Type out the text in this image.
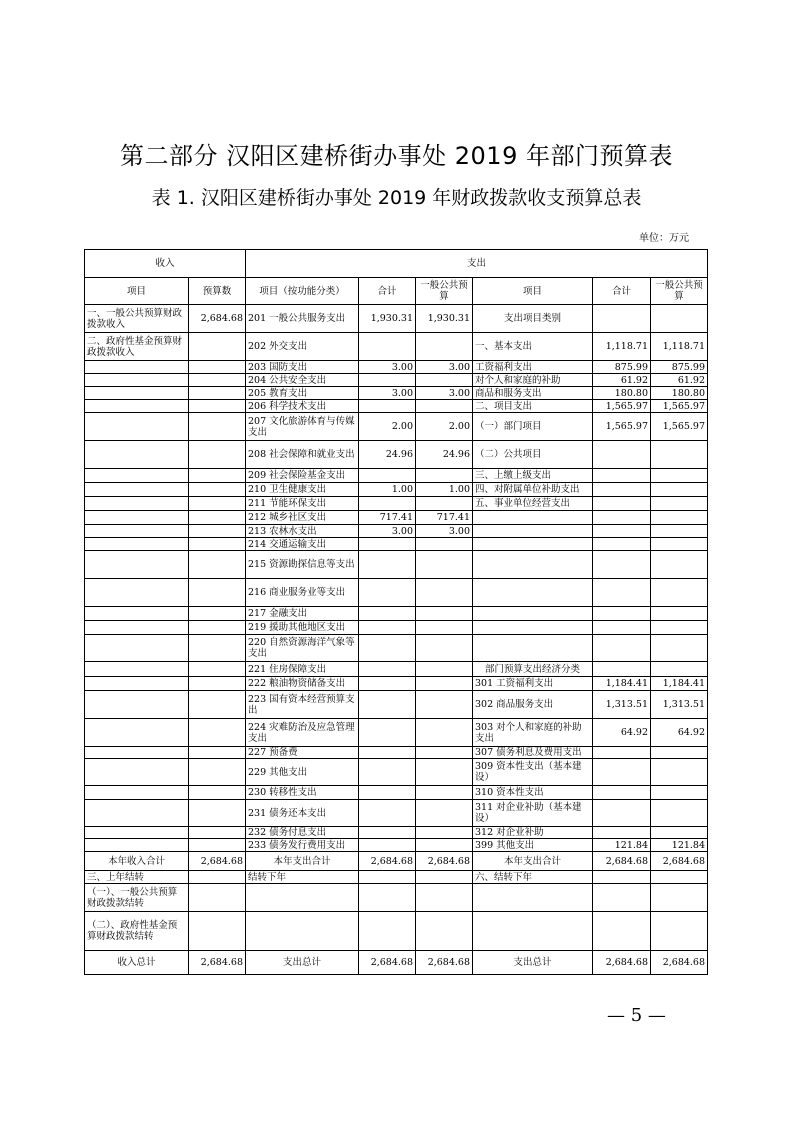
第二部分 汉阳区建桥街办事处 2019 年部门预算表
表 1. 汉阳区建桥街办事处 2019 年财政拨款收支预算总表
单位：万元
收入		支出					
项目	预算数	项目（按功能分类）	合计	一般公共预算	项目	合计	一般公共预算
一、一般公共预算财政拨款收入	2,684.68	201 一般公共服务支出	1,930.31	1,930.31	支出项目类别		
二、政府性基金预算财政拨款收入		202 外交支出			一、基本支出	1,118.71	1,118.71
		203 国防支出	3.00	3.00	工资福利支出	875.99	875.99
		204 公共安全支出			对个人和家庭的补助	61.92	61.92
		205 教育支出	3.00	3.00	商品和服务支出	180.80	180.80
		206 科学技术支出			二、项目支出	1,565.97	1,565.97
		207 文化旅游体育与传媒支出	2.00	2.00	（一）部门项目	1,565.97	1,565.97
		208 社会保障和就业支出	24.96	24.96	（二）公共项目		
		209 社会保险基金支出			三、上缴上级支出		
		210 卫生健康支出	1.00	1.00	四、对附属单位补助支出		
		211 节能环保支出			五、事业单位经营支出		
		212 城乡社区支出	717.41	717.41			
		213 农林水支出	3.00	3.00			
		214 交通运输支出					
		215 资源勘探信息等支出					
		216 商业服务业等支出					
		217 金融支出					
		219 援助其他地区支出					
		220 自然资源海洋气象等支出					
		221 住房保障支出			部门预算支出经济分类		
		222 粮油物资储备支出			301 工资福利支出	1,184.41	1,184.41
		223 国有资本经营预算支出			302 商品服务支出	1,313.51	1,313.51
		224 灾难防治及应急管理支出			303 对个人和家庭的补助支出	64.92	64.92
		227 预备费			307 债务利息及费用支出		
		229 其他支出			309 资本性支出（基本建设）		
		230 转移性支出			310 资本性支出		
		231 债务还本支出			311 对企业补助（基本建设）		
		232 债务付息支出			312 对企业补助		
		233 债务发行费用支出			399 其他支出	121.84	121.84
本年收入合计	2,684.68	本年支出合计	2,684.68	2,684.68	本年支出合计	2,684.68	2,684.68
三、上年结转		结转下年			六、结转下年		
（一）、一般公共预算财政拨款结转							
（二）、政府性基金预算财政拨款结转							
收入总计	2,684.68	支出总计	2,684.68	2,684.68	支出总计	2,684.68	2,684.68
— 5 —
